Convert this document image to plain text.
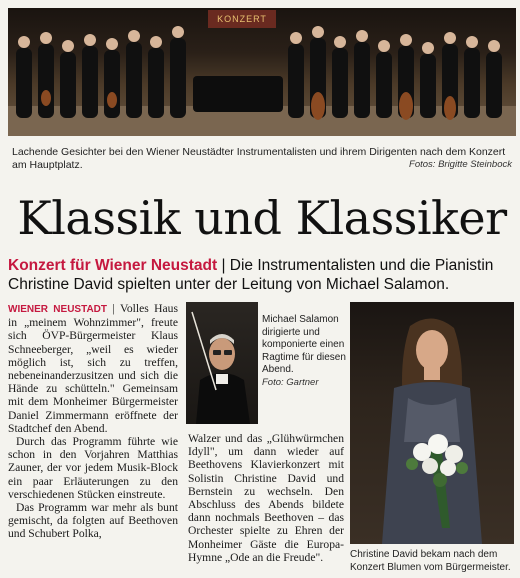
KONZERT
Lachende Gesichter bei den Wiener Neustädter Instrumentalisten und ihrem Dirigenten nach dem Konzert am Hauptplatz.	Fotos: Brigitte Steinbock
Klassik und Klassiker
Konzert für Wiener Neustadt | Die Instrumentalisten und die Pianistin Christine David spielten unter der Leitung von Michael Salamon.

WIENER NEUSTADT | Volles Haus in „meinem Wohnzimmer", freute sich ÖVP-Bürgermeister Klaus Schneeberger, „weil es wieder möglich ist, sich zu treffen, nebeneinanderzusitzen und sich die Hände zu schütteln." Gemeinsam mit dem Monheimer Bürgermeister Daniel Zimmermann eröffnete der Stadtchef den Abend.

Durch das Programm führte wie schon in den Vorjahren Matthias Zauner, der vor jedem Musik-Block ein paar Erläuterungen zu den verschiedenen Stücken einstreute.

Das Programm war mehr als bunt gemischt, da folgten auf Beethoven und Schubert Polka,

Michael Salamon dirigierte und komponierte einen Ragtime für diesen Abend.
Foto: Gartner

Walzer und das „Glühwürmchen Idyll", um dann wieder auf Beethovens Klavierkonzert mit Solistin Christine David und Bernstein zu wechseln. Den Abschluss des Abends bildete dann nochmals Beethoven – das Orchester spielte zu Ehren der Monheimer Gäste die Europa-Hymne „Ode an die Freude".	Christine David bekam nach dem Konzert Blumen vom Bürgermeister.
